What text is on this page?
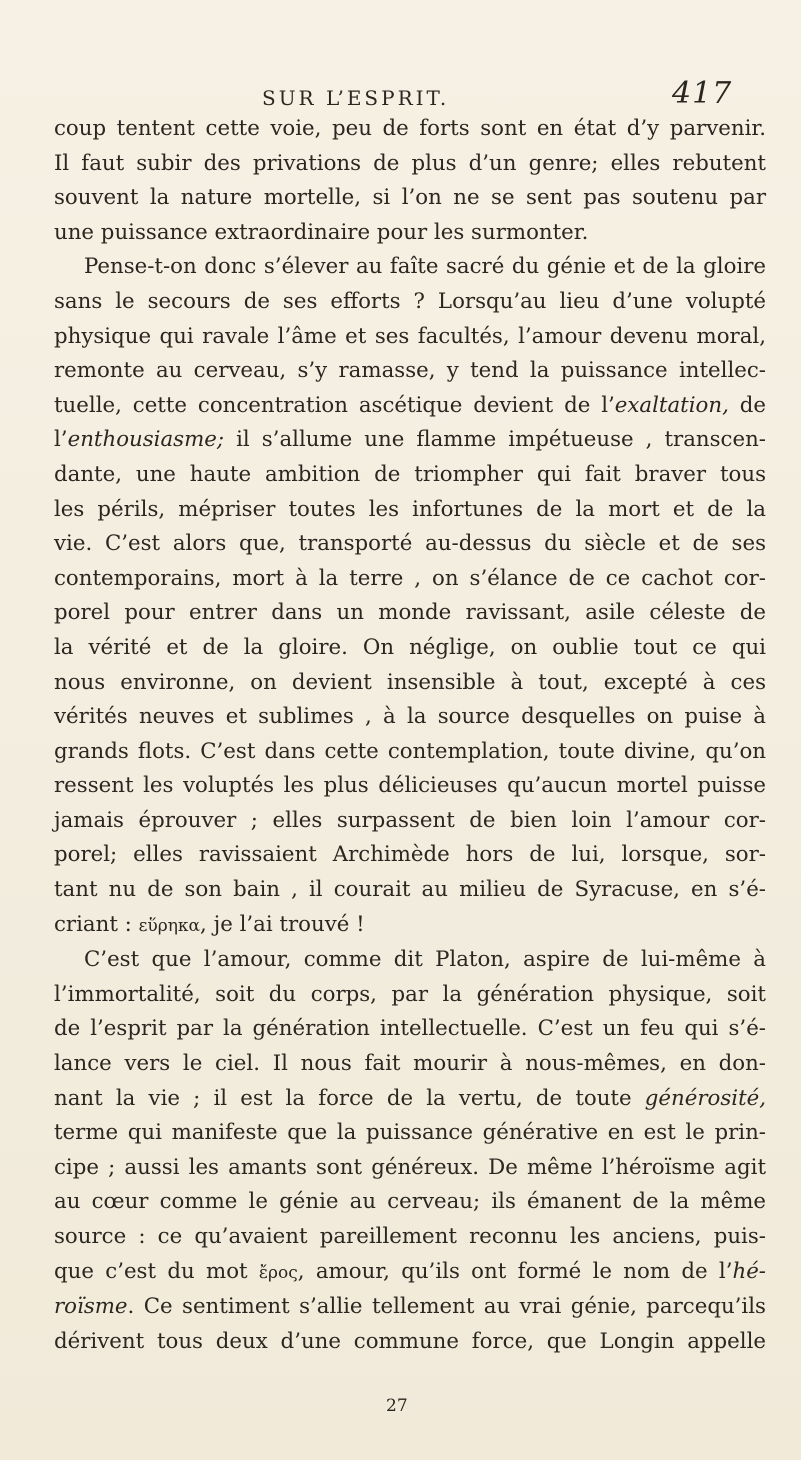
SUR L’ESPRIT.	417
coup tentent cette voie, peu de forts sont en état d’y parvenir.
Il faut subir des privations de plus d’un genre; elles rebutent
souvent la nature mortelle, si l’on ne se sent pas soutenu par
une puissance extraordinaire pour les surmonter.
Pense-t-on donc s’élever au faîte sacré du génie et de la gloire
sans le secours de ses efforts ? Lorsqu’au lieu d’une volupté
physique qui ravale l’âme et ses facultés, l’amour devenu moral,
remonte au cerveau, s’y ramasse, y tend la puissance intellec-
tuelle, cette concentration ascétique devient de l’exaltation, de
l’enthousiasme; il s’allume une flamme impétueuse , transcen-
dante, une haute ambition de triompher qui fait braver tous
les périls, mépriser toutes les infortunes de la mort et de la
vie. C’est alors que, transporté au-dessus du siècle et de ses
contemporains, mort à la terre , on s’élance de ce cachot cor-
porel pour entrer dans un monde ravissant, asile céleste de
la vérité et de la gloire. On néglige, on oublie tout ce qui
nous environne, on devient insensible à tout, excepté à ces
vérités neuves et sublimes , à la source desquelles on puise à
grands flots. C’est dans cette contemplation, toute divine, qu’on
ressent les voluptés les plus délicieuses qu’aucun mortel puisse
jamais éprouver ; elles surpassent de bien loin l’amour cor-
porel; elles ravissaient Archimède hors de lui, lorsque, sor-
tant nu de son bain , il courait au milieu de Syracuse, en s’é-
criant : εὕρηκα, je l’ai trouvé !
C’est que l’amour, comme dit Platon, aspire de lui-même à
l’immortalité, soit du corps, par la génération physique, soit
de l’esprit par la génération intellectuelle. C’est un feu qui s’é-
lance vers le ciel. Il nous fait mourir à nous-mêmes, en don-
nant la vie ; il est la force de la vertu, de toute générosité,
terme qui manifeste que la puissance générative en est le prin-
cipe ; aussi les amants sont généreux. De même l’héroïsme agit
au cœur comme le génie au cerveau; ils émanent de la même
source : ce qu’avaient pareillement reconnu les anciens, puis-
que c’est du mot ἔρος, amour, qu’ils ont formé le nom de l’hé-
roïsme. Ce sentiment s’allie tellement au vrai génie, parcequ’ils
dérivent tous deux d’une commune force, que Longin appelle
27
